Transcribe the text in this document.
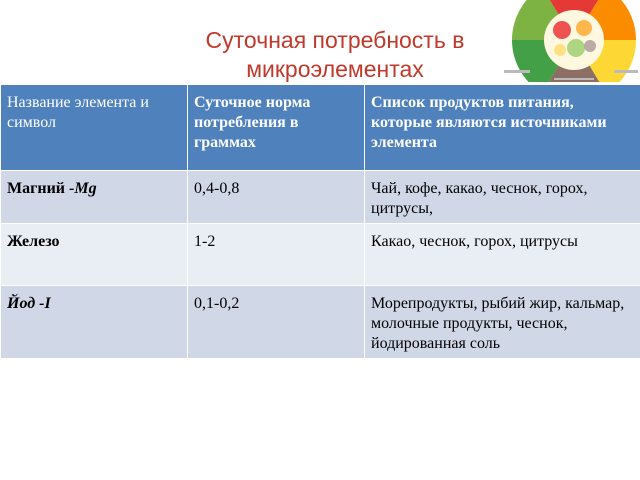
Суточная потребность в
микроэлементах
Название элемента и символ	Суточное норма потребления в граммах	Список продуктов питания, которые являются источниками элемента
Магний -Mg	0,4-0,8	Чай, кофе, какао, чеснок, горох, цитрусы,
Железо	1-2	Какао, чеснок, горох, цитрусы
Йод -I	0,1-0,2	Морепродукты, рыбий жир, кальмар, молочные продукты, чеснок, йодированная соль
